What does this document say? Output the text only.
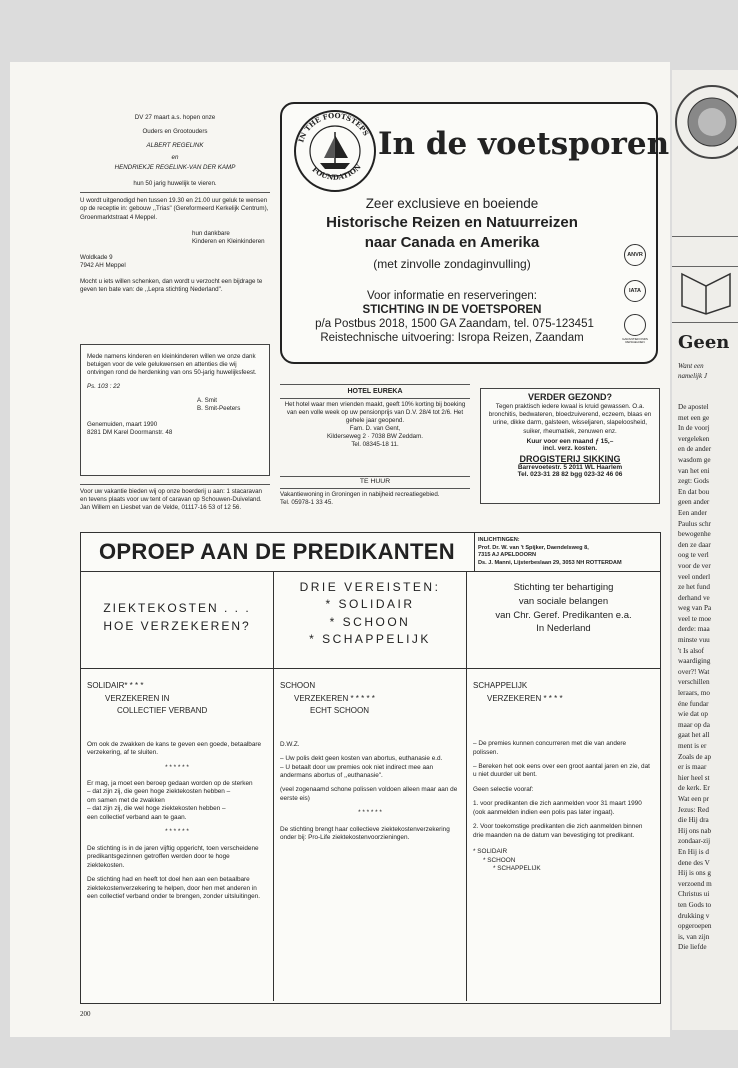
DV 27 maart a.s. hopen onze
Ouders en Grootouders
ALBERT REGELINK
en
HENDRIEKJE REGELINK-VAN DER KAMP
hun 50 jarig huwelijk te vieren.
U wordt uitgenodigd hen tussen 19.30 en 21.00 uur geluk te wensen op de receptie in: gebouw ,,Trias" (Gereformeerd Kerkelijk Centrum),
Groenmarktstraat 4 Meppel.
hun dankbare
Kinderen en Kleinkinderen
Woldkade 9
7942 AH Meppel
Mocht u iets willen schenken, dan wordt u verzocht een bijdrage te geven ten bate van: de ,,Lepra stichting Nederland".
IN THE FOOTSTEPS
FOUNDATION
In de voetsporen
Zeer exclusieve en boeiende
Historische Reizen en Natuurreizen
naar Canada en Amerika
(met zinvolle zondaginvulling)
Voor informatie en reserveringen:
STICHTING IN DE VOETSPOREN
p/a Postbus 2018, 1500 GA Zaandam, tel. 075-123451
Reistechnische uitvoering: Isropa Reizen, Zaandam
ANVR
IATA
GARANTIEFONDS REISGELDEN
Mede namens kinderen en kleinkinderen willen we onze dank betuigen voor de vele gelukwensen en attenties die wij ontvingen rond de herdenking van ons 50-jarig huwelijksfeest.
Ps. 103 : 22
A. Smit
B. Smit-Peeters
Genemuiden, maart 1990
8281 DM Karel Doormanstr. 48
HOTEL EUREKA
Het hotel waar men vrienden maakt, geeft 10% korting bij boeking van een volle week op uw pensionprijs van D.V. 28/4 tot 2/6. Het gehele jaar geopend.
Fam. D. van Gent,
Kilderseweg 2 · 7038 BW Zeddam.
Tel. 08345-18 11.
VERDER GEZOND?
Tegen praktisch iedere kwaal is kruid gewassen. O.a. bronchitis, bedwateren, bloedzuiverend, eczeem, blaas en urine, dikke darm, galsteen, wisseljaren, slapeloosheid, suiker, rheumatiek, zenuwen enz.
Kuur voor een maand ƒ 15,–
incl. verz. kosten.
DROGISTERIJ SIKKING
Barrevoetestr. 5 2011 WL Haarlem
Tel. 023-31 28 82 bgg 023-32 46 06
Voor uw vakantie bieden wij op onze boerderij u aan: 1 stacaravan en tevens plaats voor uw tent of caravan op Schouwen-Duiveland.
Jan Willem en Liesbet van de Velde, 01117-16 53 of 12 56.
TE HUUR
Vakantiewoning in Groningen in nabijheid recreatiegebied.
Tel. 05978-1 33 45.
OPROEP AAN DE PREDIKANTEN	INLICHTINGEN:

Prof. Dr. W. van 't Spijker, Daendelsweg 8,

7315 AJ APELDOORN

Ds. J. Manni, Lijsterbeslaan 29, 3053 NH ROTTERDAM

ZIEKTEKOSTEN . . .
HOE VERZEKEREN?
DRIE VEREISTEN:
* SOLIDAIR
* SCHOON
* SCHAPPELIJK
Stichting ter behartiging
van sociale belangen
van Chr. Geref. Predikanten e.a.
In Nederland
SOLIDAIR* * * *
VERZEKEREN IN
COLLECTIEF VERBAND
Om ook de zwakken de kans te geven een goede, betaalbare verzekering, af te sluiten.
* * * * * *
Er mag, ja moet een beroep gedaan worden op de sterken
– dat zijn zij, die geen hoge ziektekosten hebben –
om samen met de zwakken
– dat zijn zij, die wel hoge ziektekosten hebben –
een collectief verband aan te gaan.
* * * * * *
De stichting is in de jaren vijftig opgericht, toen verscheidene predikantsgezinnen getroffen werden door te hoge ziektekosten.
De stichting had en heeft tot doel hen aan een betaalbare ziektekostenverzekering te helpen, door hen met anderen in een collectief verband onder te brengen, zonder uitsluitingen.
SCHOON
VERZEKEREN * * * * *
ECHT SCHOON
D.W.Z.
– Uw polis dekt geen kosten van abortus, euthanasie e.d.
– U betaalt door uw premies ook niet indirect mee aan andermans abortus of ,,euthanasie".
(veel zogenaamd schone polissen voldoen alleen maar aan de eerste eis)
* * * * * *
De stichting brengt haar collectieve ziektekostenverzekering onder bij: Pro-Life ziektekostenvoorzieningen.
SCHAPPELIJK
VERZEKEREN * * * *
– De premies kunnen concurreren met die van andere polissen.
– Bereken het ook eens over een groot aantal jaren en zie, dat u niet duurder uit bent.
Geen selectie vooraf:
1. voor predikanten die zich aanmelden voor 31 maart 1990 (ook aanmelden indien een polis pas later ingaat).
2. Voor toekomstige predikanten die zich aanmelden binnen drie maanden na de datum van bevestiging tot predikant.
* SOLIDAIR
* SCHOON
* SCHAPPELIJK
200
Geen
Want een
namelijk J
De apostel
met een ge
In de voorj
vergeleken
en de ander
wasdom ge
van het eni
zegt: Gods
En dat bou
geen ander
Een ander
Paulus schr
bewogenhe
den ze daar
oog te verl
voor de ver
veel onderl
ze het fund
derhand ve
weg van Pa
veel te moe
derde: maa
minste vuu
't Is alsof
waardiging
over?! Wat
verschillen
leraars, mo
éne fundar
wie dat op
maar op da
gaat het all
ment is er
Zoals de ap
er is maar
hier heel st
de kerk. Er
Wat een pr
Jezus: Red
die Hij dra
Hij ons nab
zondaar-zij
En Hij is d
dene des V
Hij is ons g
verzoend m
Christus ui
ten Gods to
drukking v
opgeroepen
is, van zijn
Die liefde
